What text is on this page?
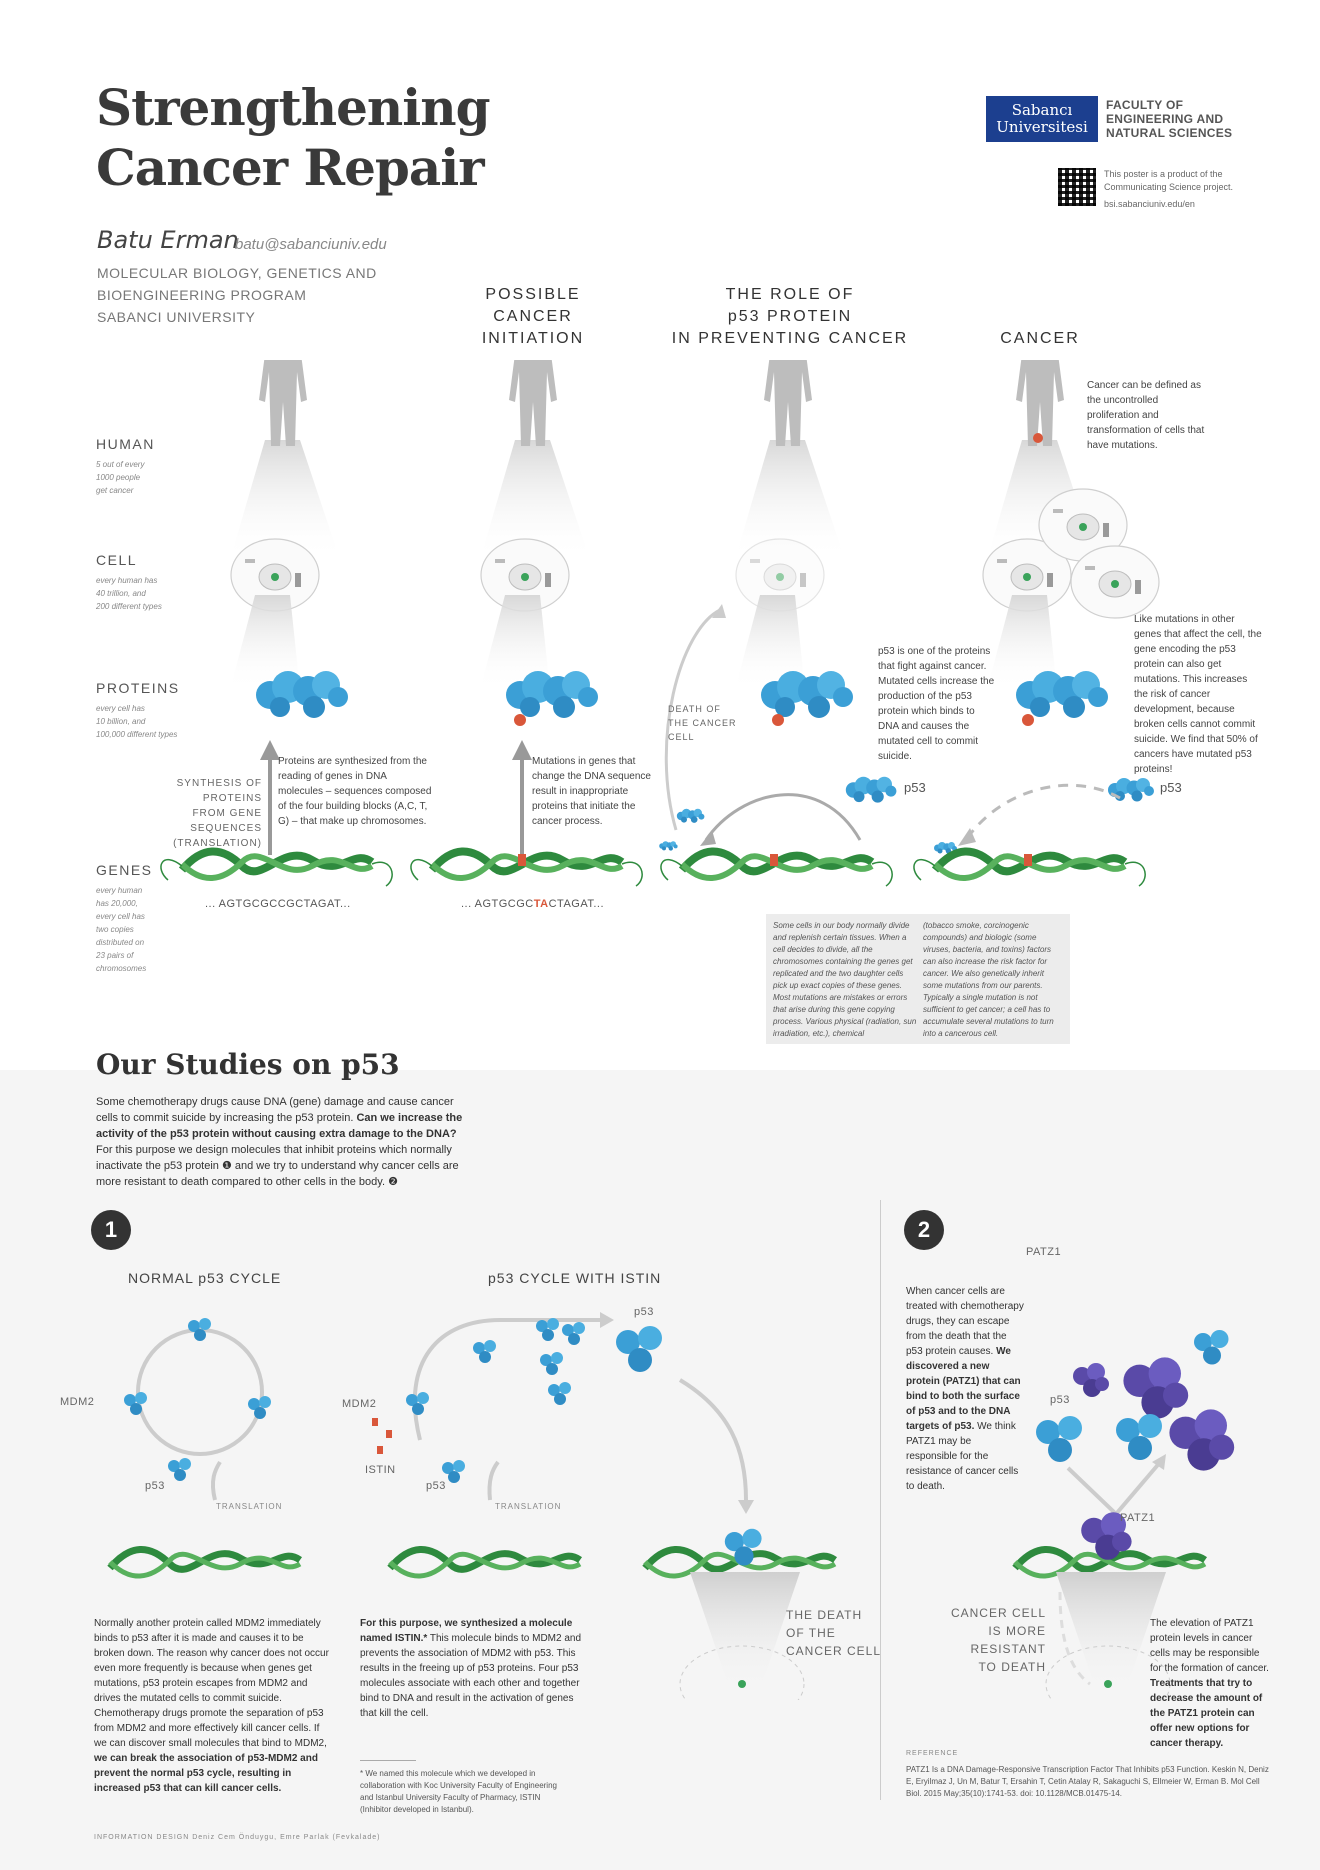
Strengthening
Cancer Repair
Batu Erman
batu@sabanciuniv.edu
MOLECULAR BIOLOGY, GENETICS AND
BIOENGINEERING PROGRAM
SABANCI UNIVERSITY
Sabancı
Universitesi
FACULTY OF
ENGINEERING AND
NATURAL SCIENCES
This poster is a product of the
Communicating Science project.
bsi.sabanciuniv.edu/en
POSSIBLE
CANCER
INITIATION
THE ROLE OF
p53 PROTEIN
IN PREVENTING CANCER	CANCER
HUMAN
5 out of every
1000 people
get cancer
CELL
every human has
40 trillion, and
200 different types
PROTEINS
every cell has
10 billion, and
100,000 different types
GENES
every human
has 20,000,
every cell has
two copies
distributed on
23 pairs of
chromosomes
SYNTHESIS OF PROTEINS
FROM GENE SEQUENCES
(TRANSLATION)
... AGTGCGCCGCTAGAT...	... AGTGCGCTACTAGAT...
Proteins are synthesized from the reading of genes in DNA molecules – sequences composed of the four building blocks (A,C, T, G) – that make up chromosomes.
Mutations in genes that change the DNA sequence result in inappropriate proteins that initiate the cancer process.
p53 is one of the proteins that fight against cancer. Mutated cells increase the production of the p53 protein which binds to DNA and causes the mutated cell to commit suicide.
Cancer can be defined as the uncontrolled proliferation and transformation of cells that have mutations.
Like mutations in other genes that affect the cell, the gene encoding the p53 protein can also get mutations. This increases the risk of cancer development, because broken cells cannot commit suicide. We find that 50% of cancers have mutated p53 proteins!
DEATH OF
THE CANCER
CELL
p53	p53
Some cells in our body normally divide and replenish certain tissues. When a cell decides to divide, all the chromosomes containing the genes get replicated and the two daughter cells pick up exact copies of these genes. Most mutations are mistakes or errors that arise during this gene copying process. Various physical (radiation, sun irradiation, etc.), chemical
(tobacco smoke, corcinogenic compounds) and biologic (some viruses, bacteria, and toxins) factors can also increase the risk factor for cancer. We also genetically inherit some mutations from our parents. Typically a single mutation is not sufficient to get cancer; a cell has to accumulate several mutations to turn into a cancerous cell.
Our Studies on p53
Some chemotherapy drugs cause DNA (gene) damage and cause cancer cells to commit suicide by increasing the p53 protein. Can we increase the activity of the p53 protein without causing extra damage to the DNA? For this purpose we design molecules that inhibit proteins which normally inactivate the p53 protein ❶ and we try to understand why cancer cells are more resistant to death compared to other cells in the body. ❷
1	2
NORMAL p53 CYCLE	p53 CYCLE WITH ISTIN
MDM2
p53
TRANSLATION
MDM2
ISTIN
p53
TRANSLATION
p53
THE DEATH
OF THE
CANCER CELL
Normally another protein called MDM2 immediately binds to p53 after it is made and causes it to be broken down. The reason why cancer does not occur even more frequently is because when genes get mutations, p53 protein escapes from MDM2 and drives the mutated cells to commit suicide. Chemotherapy drugs promote the separation of p53 from MDM2 and more effectively kill cancer cells. If we can discover small molecules that bind to MDM2, we can break the association of p53-MDM2 and prevent the normal p53 cycle, resulting in increased p53 that can kill cancer cells.
For this purpose, we synthesized a molecule named ISTIN.* This molecule binds to MDM2 and prevents the association of MDM2 with p53. This results in the freeing up of p53 proteins. Four p53 molecules associate with each other and together bind to DNA and result in the activation of genes that kill the cell.
* We named this molecule which we developed in collaboration with Koc University Faculty of Engineering and Istanbul University Faculty of Pharmacy, ISTIN (Inhibitor developed in Istanbul).
INFORMATION DESIGN Deniz Cem Önduygu, Emre Parlak (Fevkalade)
PATZ1
p53
PATZ1
When cancer cells are treated with chemotherapy drugs, they can escape from the death that the p53 protein causes. We discovered a new protein (PATZ1) that can bind to both the surface of p53 and to the DNA targets of p53. We think PATZ1 may be responsible for the resistance of cancer cells to death.
CANCER CELL
IS MORE RESISTANT
TO DEATH
The elevation of PATZ1 protein levels in cancer cells may be responsible for the formation of cancer. Treatments that try to decrease the amount of the PATZ1 protein can offer new options for cancer therapy.
REFERENCE
PATZ1 Is a DNA Damage-Responsive Transcription Factor That Inhibits p53 Function. Keskin N, Deniz E, Eryilmaz J, Un M, Batur T, Ersahin T, Cetin Atalay R, Sakaguchi S, Ellmeier W, Erman B. Mol Cell Biol. 2015 May;35(10):1741-53. doi: 10.1128/MCB.01475-14.
